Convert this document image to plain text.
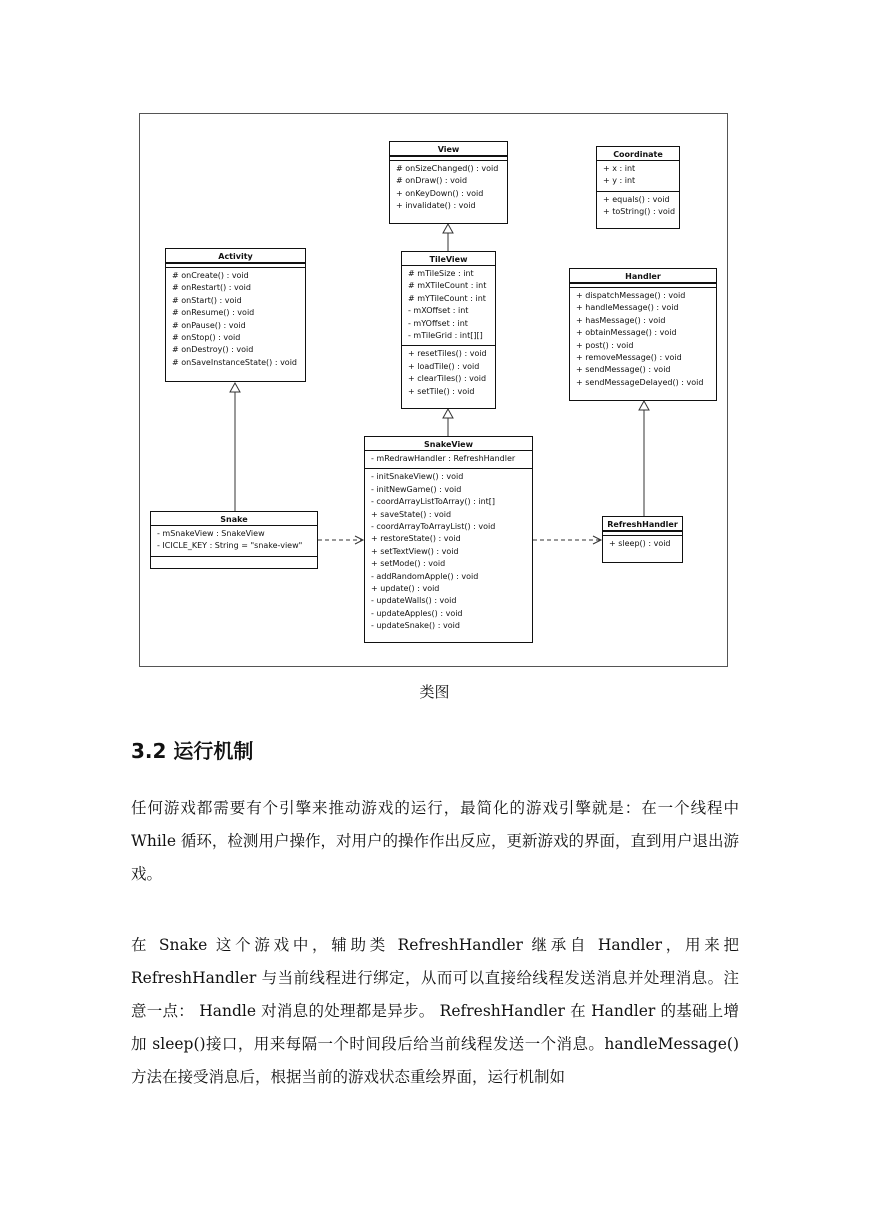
View
# onSizeChanged() : void
# onDraw() : void
+ onKeyDown() : void
+ invalidate() : void
Coordinate
+ x : int
+ y : int
+ equals() : void
+ toString() : void
Activity
# onCreate() : void
# onRestart() : void
# onStart() : void
# onResume() : void
# onPause() : void
# onStop() : void
# onDestroy() : void
# onSaveInstanceState() : void
TileView
# mTileSize : int
# mXTileCount : int
# mYTileCount : int
- mXOffset : int
- mYOffset : int
- mTileGrid : int[][]
+ resetTiles() : void
+ loadTile() : void
+ clearTiles() : void
+ setTile() : void
Handler
+ dispatchMessage() : void
+ handleMessage() : void
+ hasMessage() : void
+ obtainMessage() : void
+ post() : void
+ removeMessage() : void
+ sendMessage() : void
+ sendMessageDelayed() : void
SnakeView
- mRedrawHandler : RefreshHandler
- initSnakeView() : void
- initNewGame() : void
- coordArrayListToArray() : int[]
+ saveState() : void
- coordArrayToArrayList() : void
+ restoreState() : void
+ setTextView() : void
+ setMode() : void
- addRandomApple() : void
+ update() : void
- updateWalls() : void
- updateApples() : void
- updateSnake() : void
Snake
- mSnakeView : SnakeView
- ICICLE_KEY : String = "snake-view"
RefreshHandler
+ sleep() : void
类图
3.2 运行机制

任何游戏都需要有个引擎来推动游戏的运行，最简化的游戏引擎就是：在一个线程中 While 循环，检测用户操作，对用户的操作作出反应，更新游戏的界面，直到用户退出游戏。

在 Snake 这个游戏中，辅助类 RefreshHandler 继承自 Handler，用来把 RefreshHandler 与当前线程进行绑定，从而可以直接给线程发送消息并处理消息。注意一点： Handle 对消息的处理都是异步。 RefreshHandler 在 Handler 的基础上增加 sleep()接口，用来每隔一个时间段后给当前线程发送一个消息。handleMessage()方法在接受消息后，根据当前的游戏状态重绘界面，运行机制如
